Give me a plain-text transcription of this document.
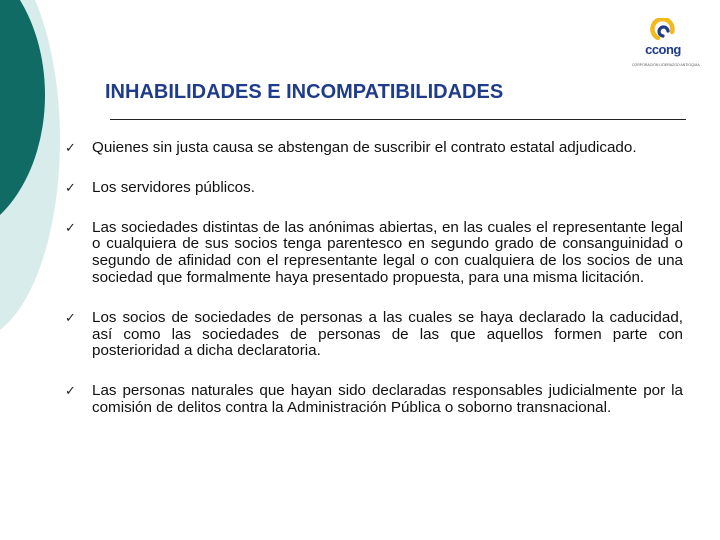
ccong
CORPORACIÓN LIDERAZGO ANTIOQUIA
INHABILIDADES E INCOMPATIBILIDADES
✓ Quienes sin justa causa se abstengan de suscribir el contrato estatal adjudicado.
✓ Los servidores públicos.
✓ Las sociedades distintas de las anónimas abiertas, en las cuales el representante legal o cualquiera de sus socios tenga parentesco en segundo grado de consanguinidad o segundo de afinidad con el representante legal o con cualquiera de los socios de una sociedad que formalmente haya presentado propuesta, para una misma licitación.
✓ Los socios de sociedades de personas a las cuales se haya declarado la caducidad, así como las sociedades de personas de las que aquellos formen parte con posterioridad a dicha declaratoria.
✓ Las personas naturales que hayan sido declaradas responsables judicialmente por la comisión de delitos contra la Administración Pública o soborno transnacional.
